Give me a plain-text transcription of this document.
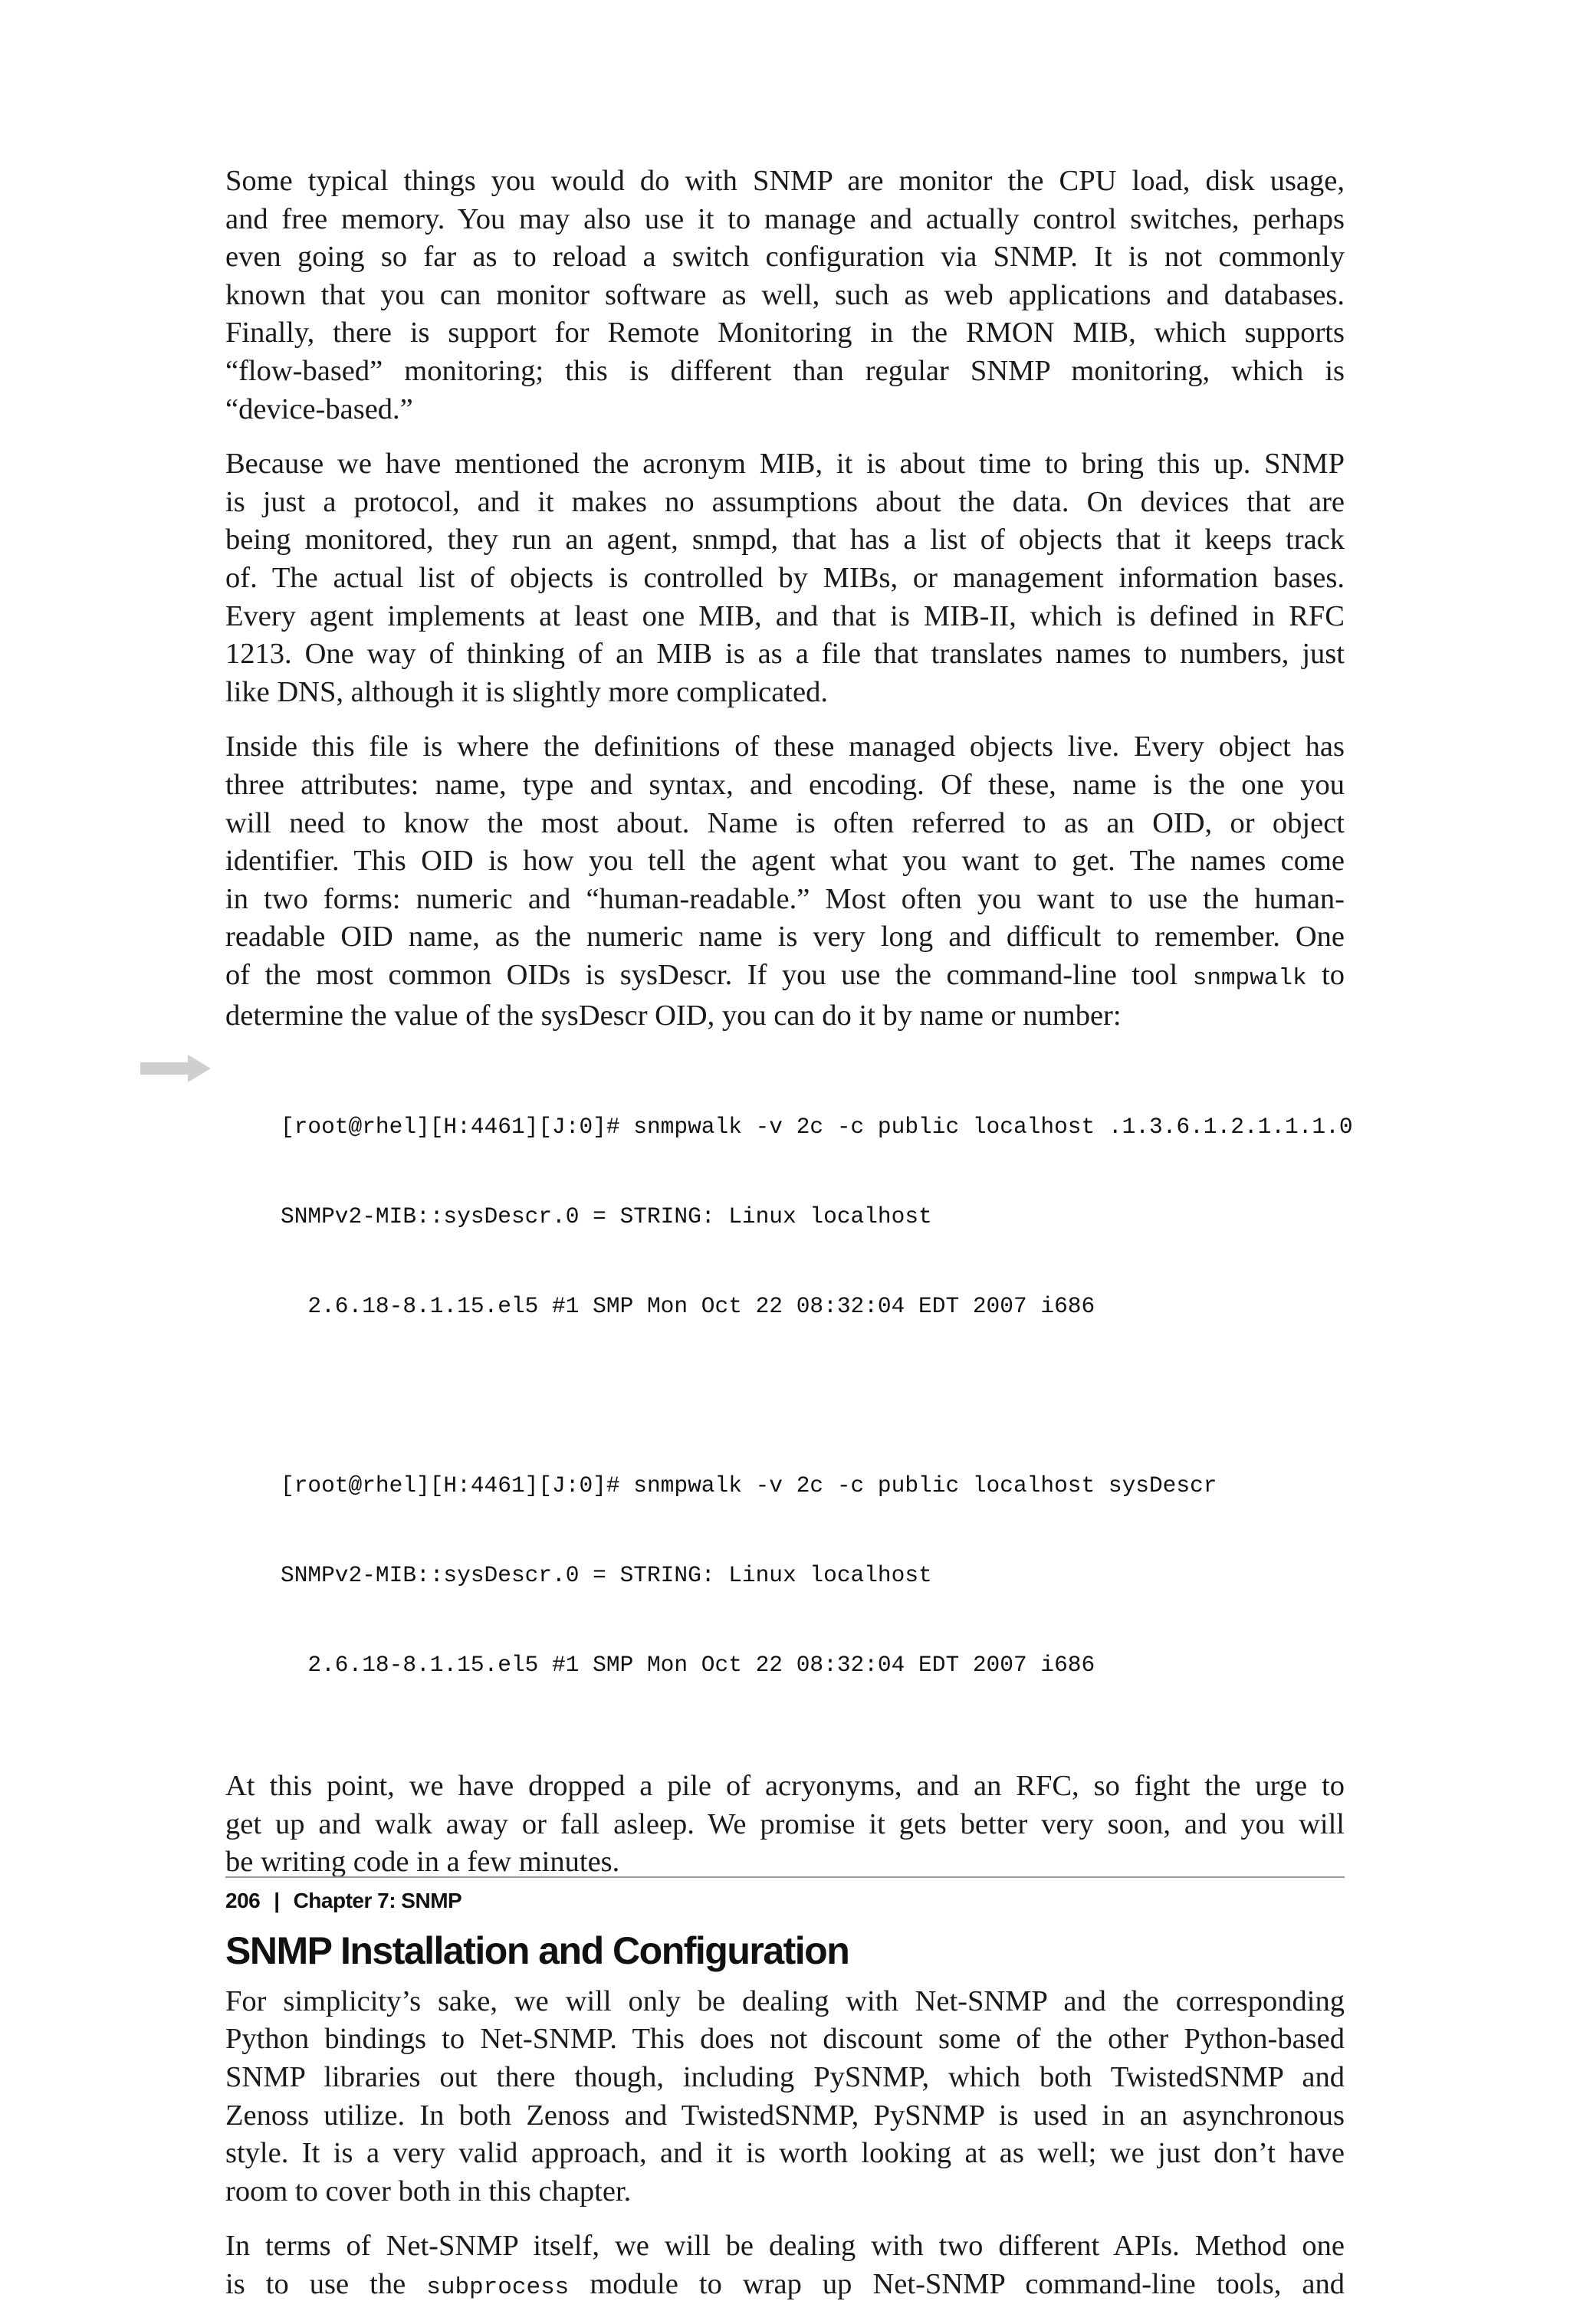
Some typical things you would do with SNMP are monitor the CPU load, disk usage,
and free memory. You may also use it to manage and actually control switches, perhaps
even going so far as to reload a switch configuration via SNMP. It is not commonly
known that you can monitor software as well, such as web applications and databases.
Finally, there is support for Remote Monitoring in the RMON MIB, which supports
“flow-based” monitoring; this is different than regular SNMP monitoring, which is
“device-based.”

Because we have mentioned the acronym MIB, it is about time to bring this up. SNMP
is just a protocol, and it makes no assumptions about the data. On devices that are
being monitored, they run an agent, snmpd, that has a list of objects that it keeps track
of. The actual list of objects is controlled by MIBs, or management information bases.
Every agent implements at least one MIB, and that is MIB-II, which is defined in RFC
1213. One way of thinking of an MIB is as a file that translates names to numbers, just
like DNS, although it is slightly more complicated.

Inside this file is where the definitions of these managed objects live. Every object has
three attributes: name, type and syntax, and encoding. Of these, name is the one you
will need to know the most about. Name is often referred to as an OID, or object
identifier. This OID is how you tell the agent what you want to get. The names come
in two forms: numeric and “human-readable.” Most often you want to use the human-
readable OID name, as the numeric name is very long and difficult to remember. One
of the most common OIDs is sysDescr. If you use the command-line tool snmpwalk to
determine the value of the sysDescr OID, you can do it by name or number:

[root@rhel][H:4461][J:0]# snmpwalk -v 2c -c public localhost .1.3.6.1.2.1.1.1.0

SNMPv2-MIB::sysDescr.0 = STRING: Linux localhost

2.6.18-8.1.15.el5 #1 SMP Mon Oct 22 08:32:04 EDT 2007 i686

[root@rhel][H:4461][J:0]# snmpwalk -v 2c -c public localhost sysDescr

SNMPv2-MIB::sysDescr.0 = STRING: Linux localhost

2.6.18-8.1.15.el5 #1 SMP Mon Oct 22 08:32:04 EDT 2007 i686

At this point, we have dropped a pile of acryonyms, and an RFC, so fight the urge to
get up and walk away or fall asleep. We promise it gets better very soon, and you will
be writing code in a few minutes.

SNMP Installation and Configuration

For simplicity’s sake, we will only be dealing with Net-SNMP and the corresponding
Python bindings to Net-SNMP. This does not discount some of the other Python-based
SNMP libraries out there though, including PySNMP, which both TwistedSNMP and
Zenoss utilize. In both Zenoss and TwistedSNMP, PySNMP is used in an asynchronous
style. It is a very valid approach, and it is worth looking at as well; we just don’t have
room to cover both in this chapter.

In terms of Net-SNMP itself, we will be dealing with two different APIs. Method one
is to use the subprocess module to wrap up Net-SNMP command-line tools, and

206 | Chapter 7: SNMP
